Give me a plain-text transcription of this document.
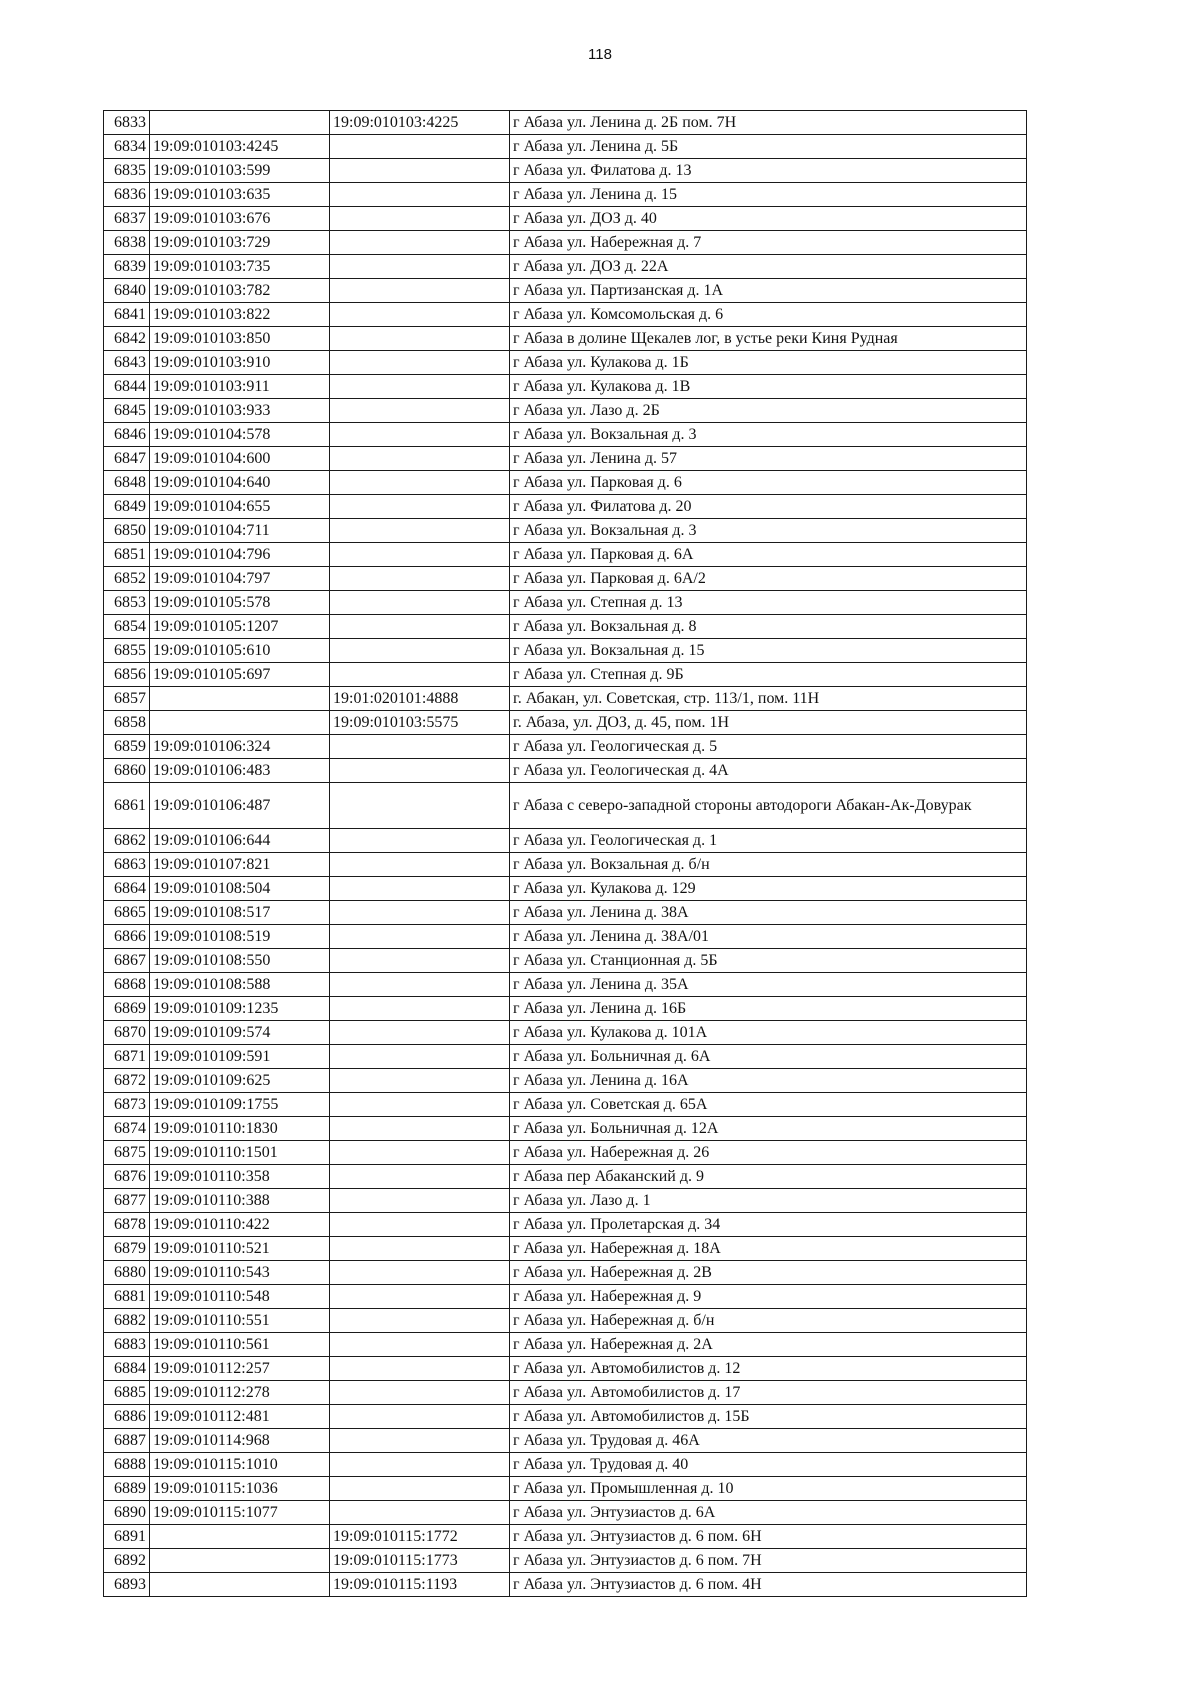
118
6833		19:09:010103:4225	г Абаза ул. Ленина д. 2Б пом. 7Н
6834	19:09:010103:4245		г Абаза ул. Ленина д. 5Б
6835	19:09:010103:599		г Абаза ул. Филатова д. 13
6836	19:09:010103:635		г Абаза ул. Ленина д. 15
6837	19:09:010103:676		г Абаза ул. ДОЗ д. 40
6838	19:09:010103:729		г Абаза ул. Набережная д. 7
6839	19:09:010103:735		г Абаза ул. ДОЗ д. 22А
6840	19:09:010103:782		г Абаза ул. Партизанская д. 1А
6841	19:09:010103:822		г Абаза ул. Комсомольская д. 6
6842	19:09:010103:850		г Абаза в долине Щекалев лог, в устье реки Киня Рудная
6843	19:09:010103:910		г Абаза ул. Кулакова д. 1Б
6844	19:09:010103:911		г Абаза ул. Кулакова д. 1В
6845	19:09:010103:933		г Абаза ул. Лазо д. 2Б
6846	19:09:010104:578		г Абаза ул. Вокзальная д. 3
6847	19:09:010104:600		г Абаза ул. Ленина д. 57
6848	19:09:010104:640		г Абаза ул. Парковая д. 6
6849	19:09:010104:655		г Абаза ул. Филатова д. 20
6850	19:09:010104:711		г Абаза ул. Вокзальная д. 3
6851	19:09:010104:796		г Абаза ул. Парковая д. 6А
6852	19:09:010104:797		г Абаза ул. Парковая д. 6А/2
6853	19:09:010105:578		г Абаза ул. Степная д. 13
6854	19:09:010105:1207		г Абаза ул. Вокзальная д. 8
6855	19:09:010105:610		г Абаза ул. Вокзальная д. 15
6856	19:09:010105:697		г Абаза ул. Степная д. 9Б
6857		19:01:020101:4888	г. Абакан, ул. Советская, стр. 113/1, пом. 11Н
6858		19:09:010103:5575	г. Абаза, ул. ДОЗ, д. 45, пом. 1Н
6859	19:09:010106:324		г Абаза ул. Геологическая д. 5
6860	19:09:010106:483		г Абаза ул. Геологическая д. 4А
6861	19:09:010106:487		г Абаза с северо-западной стороны автодороги Абакан-Ак-Довурак
6862	19:09:010106:644		г Абаза ул. Геологическая д. 1
6863	19:09:010107:821		г Абаза ул. Вокзальная д. б/н
6864	19:09:010108:504		г Абаза ул. Кулакова д. 129
6865	19:09:010108:517		г Абаза ул. Ленина д. 38А
6866	19:09:010108:519		г Абаза ул. Ленина д. 38А/01
6867	19:09:010108:550		г Абаза ул. Станционная д. 5Б
6868	19:09:010108:588		г Абаза ул. Ленина д. 35А
6869	19:09:010109:1235		г Абаза ул. Ленина д. 16Б
6870	19:09:010109:574		г Абаза ул. Кулакова д. 101А
6871	19:09:010109:591		г Абаза ул. Больничная д. 6А
6872	19:09:010109:625		г Абаза ул. Ленина д. 16А
6873	19:09:010109:1755		г Абаза ул. Советская д. 65А
6874	19:09:010110:1830		г Абаза ул. Больничная д. 12А
6875	19:09:010110:1501		г Абаза ул. Набережная д. 26
6876	19:09:010110:358		г Абаза пер Абаканский д. 9
6877	19:09:010110:388		г Абаза ул. Лазо д. 1
6878	19:09:010110:422		г Абаза ул. Пролетарская д. 34
6879	19:09:010110:521		г Абаза ул. Набережная д. 18А
6880	19:09:010110:543		г Абаза ул. Набережная д. 2В
6881	19:09:010110:548		г Абаза ул. Набережная д. 9
6882	19:09:010110:551		г Абаза ул. Набережная д. б/н
6883	19:09:010110:561		г Абаза ул. Набережная д. 2А
6884	19:09:010112:257		г Абаза ул. Автомобилистов д. 12
6885	19:09:010112:278		г Абаза ул. Автомобилистов д. 17
6886	19:09:010112:481		г Абаза ул. Автомобилистов д. 15Б
6887	19:09:010114:968		г Абаза ул. Трудовая д. 46А
6888	19:09:010115:1010		г Абаза ул. Трудовая д. 40
6889	19:09:010115:1036		г Абаза ул. Промышленная д. 10
6890	19:09:010115:1077		г Абаза ул. Энтузиастов д. 6А
6891		19:09:010115:1772	г Абаза ул. Энтузиастов д. 6 пом. 6Н
6892		19:09:010115:1773	г Абаза ул. Энтузиастов д. 6 пом. 7Н
6893		19:09:010115:1193	г Абаза ул. Энтузиастов д. 6 пом. 4Н
